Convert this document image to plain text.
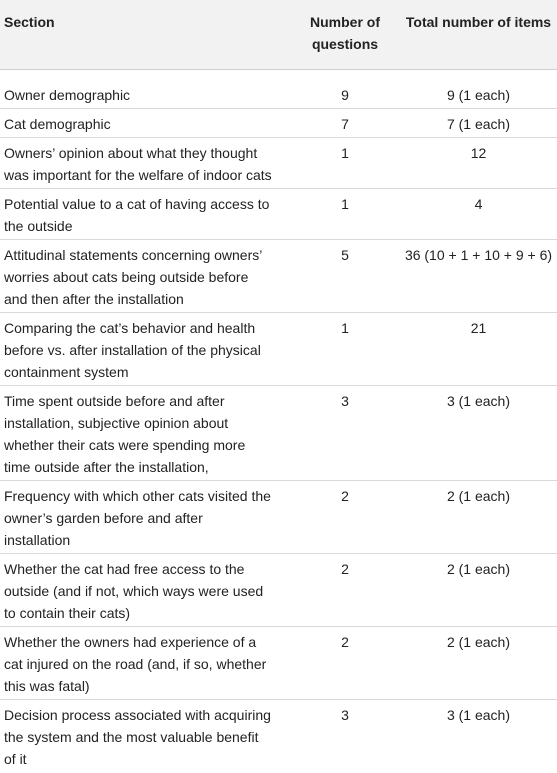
Section	Number of questions	Total number of items
Owner demographic	9	9 (1 each)
Cat demographic	7	7 (1 each)
Owners’ opinion about what they thought was important for the welfare of indoor cats	1	12
Potential value to a cat of having access to the outside	1	4
Attitudinal statements concerning owners’ worries about cats being outside before and then after the installation	5	36 (10 + 1 + 10 + 9 + 6)
Comparing the cat’s behavior and health before vs. after installation of the physical containment system	1	21
Time spent outside before and after installation, subjective opinion about whether their cats were spending more time outside after the installation,	3	3 (1 each)
Frequency with which other cats visited the owner’s garden before and after installation	2	2 (1 each)
Whether the cat had free access to the outside (and if not, which ways were used to contain their cats)	2	2 (1 each)
Whether the owners had experience of a cat injured on the road (and, if so, whether this was fatal)	2	2 (1 each)
Decision process associated with acquiring the system and the most valuable benefit of it	3	3 (1 each)
